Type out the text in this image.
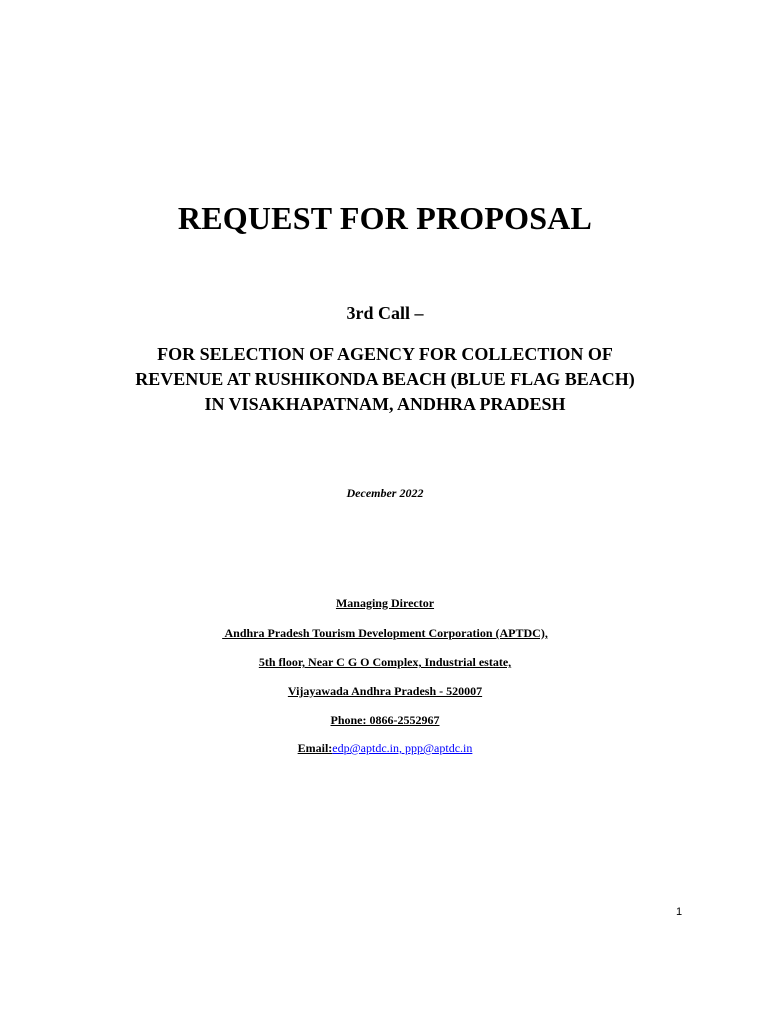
REQUEST FOR PROPOSAL

3rd Call –

FOR SELECTION OF AGENCY FOR COLLECTION OF
REVENUE AT RUSHIKONDA BEACH (BLUE FLAG BEACH)
IN VISAKHAPATNAM, ANDHRA PRADESH

December 2022

Managing Director

Andhra Pradesh Tourism Development Corporation (APTDC),

5th floor, Near C G O Complex, Industrial estate,

Vijayawada Andhra Pradesh - 520007

Phone: 0866-2552967

Email:edp@aptdc.in, ppp@aptdc.in

1
